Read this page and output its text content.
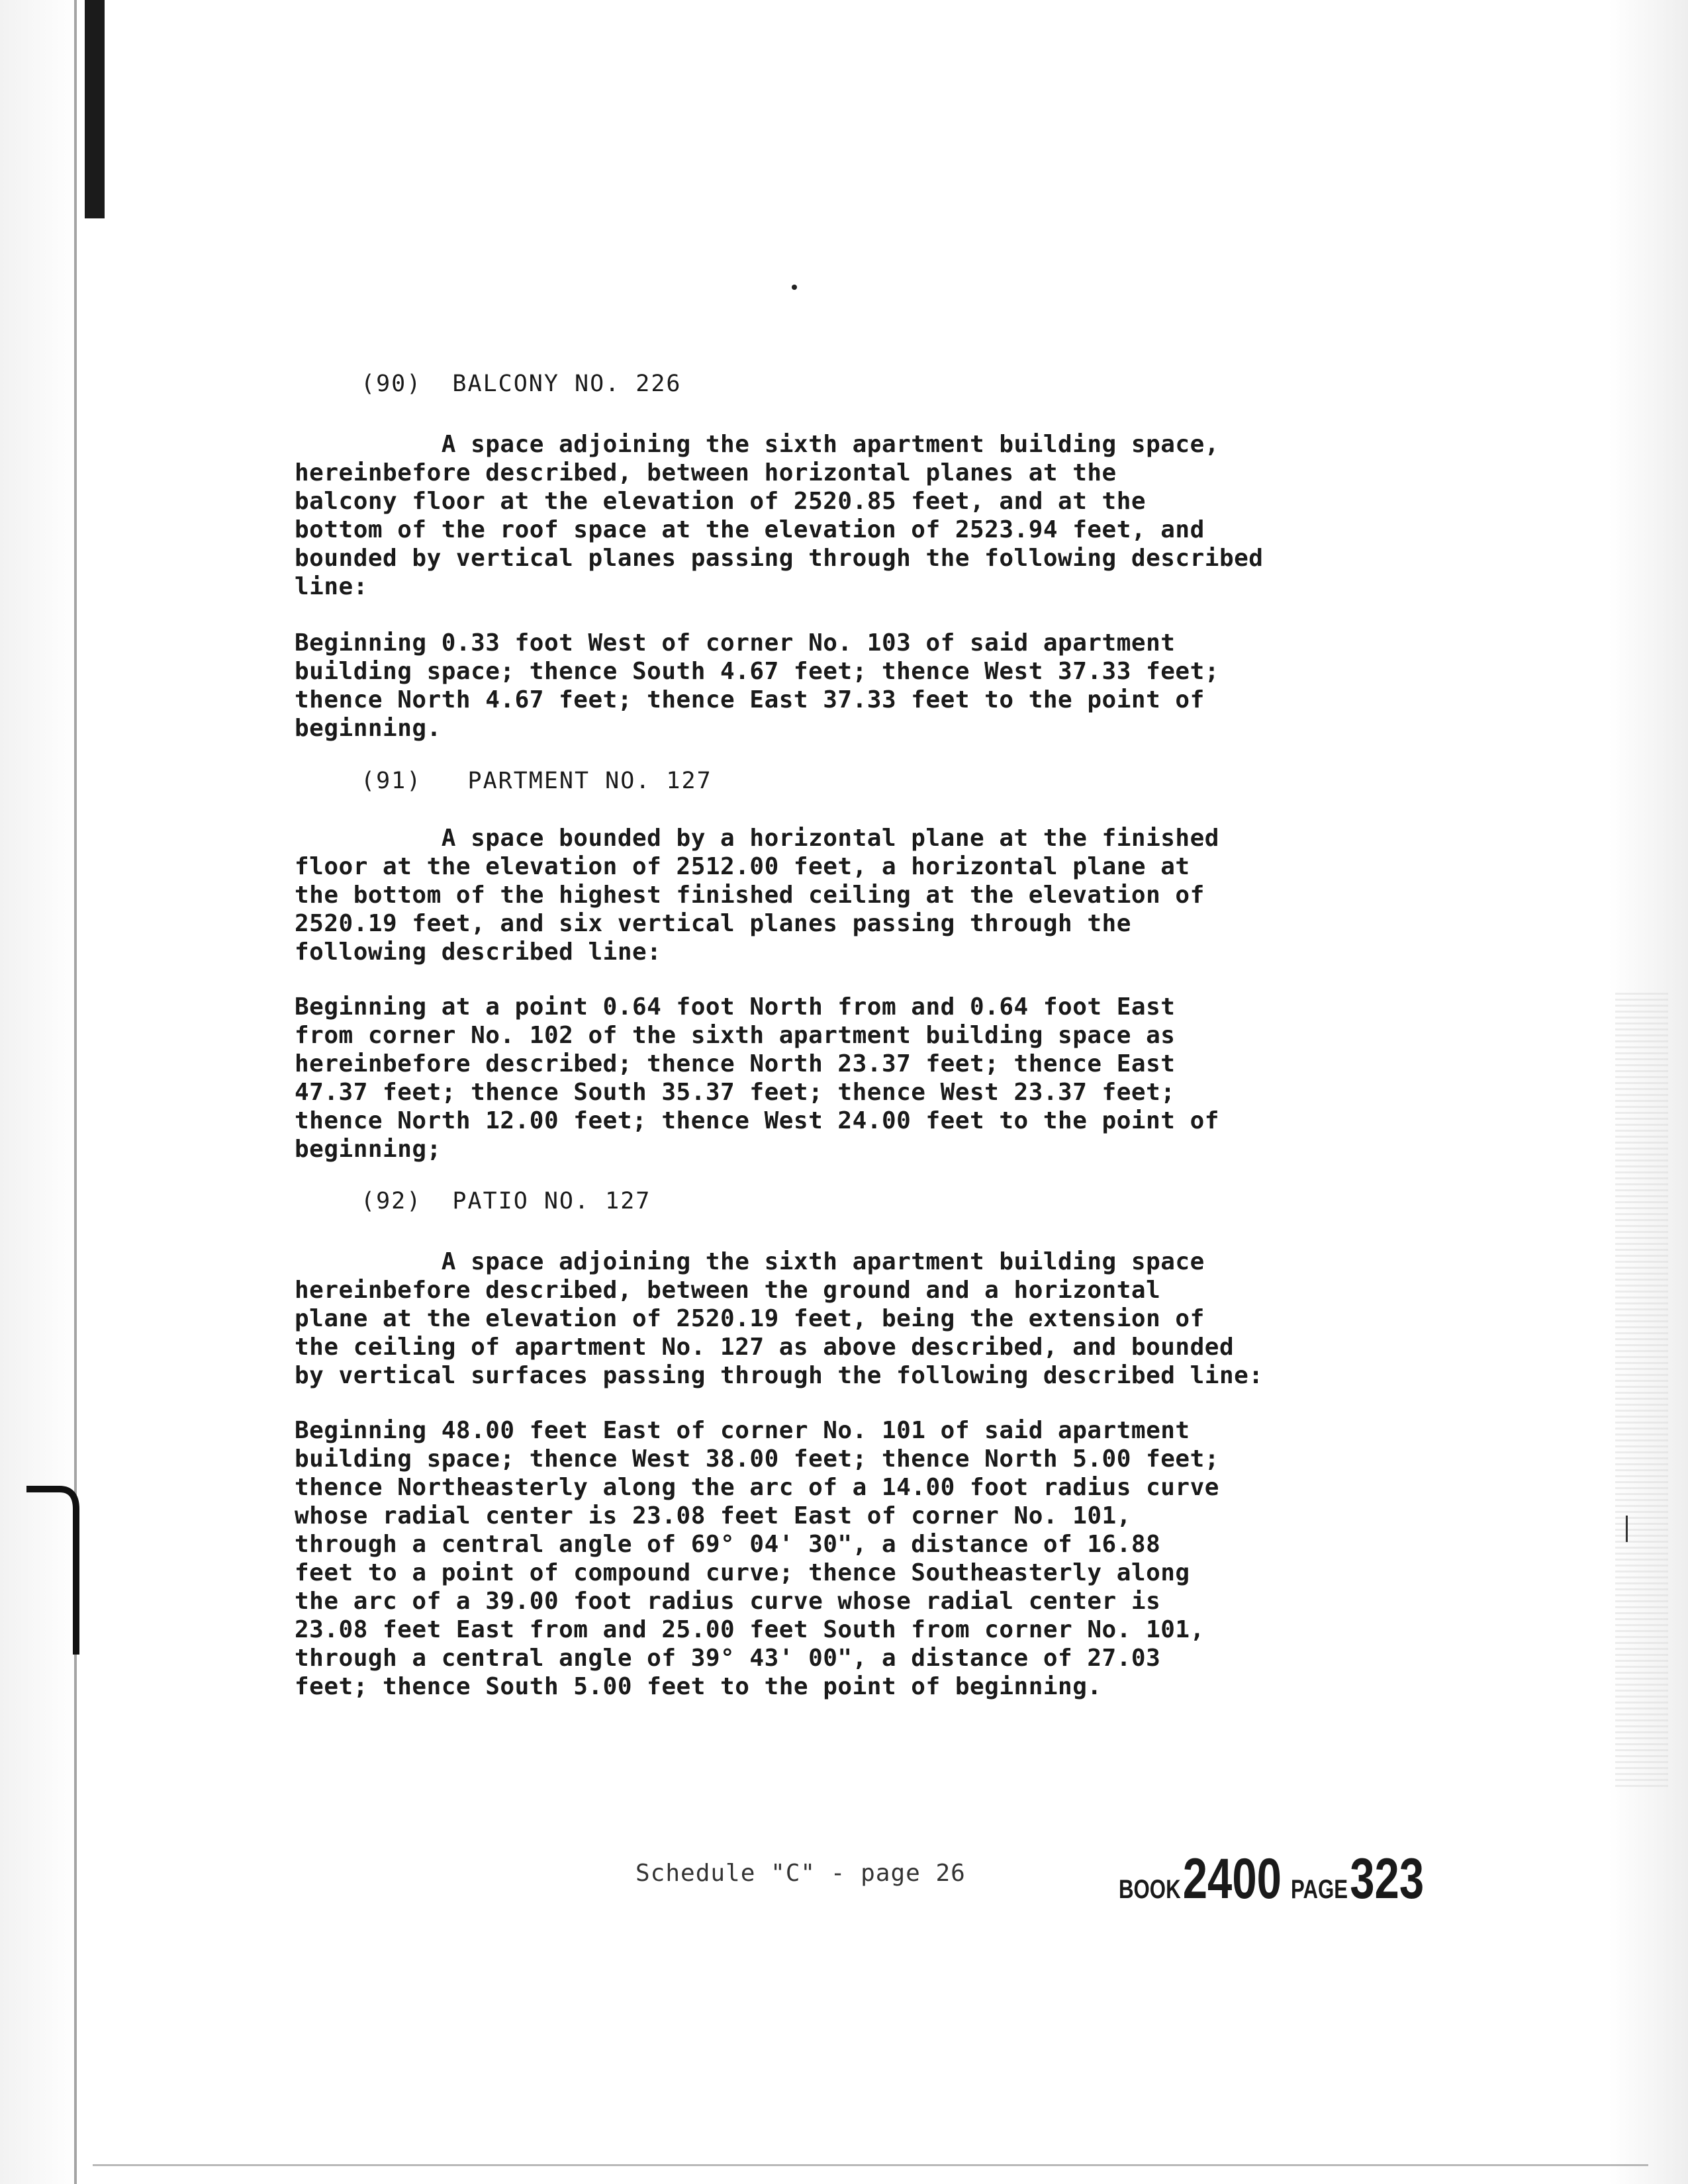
(90)  BALCONY NO. 226
A space adjoining the sixth apartment building space,
hereinbefore described, between horizontal planes at the
balcony floor at the elevation of 2520.85 feet, and at the
bottom of the roof space at the elevation of 2523.94 feet, and
bounded by vertical planes passing through the following described
line:
Beginning 0.33 foot West of corner No. 103 of said apartment
building space; thence South 4.67 feet; thence West 37.33 feet;
thence North 4.67 feet; thence East 37.33 feet to the point of
beginning.
(91)   PARTMENT NO. 127
A space bounded by a horizontal plane at the finished
floor at the elevation of 2512.00 feet, a horizontal plane at
the bottom of the highest finished ceiling at the elevation of
2520.19 feet, and six vertical planes passing through the
following described line:
Beginning at a point 0.64 foot North from and 0.64 foot East
from corner No. 102 of the sixth apartment building space as
hereinbefore described; thence North 23.37 feet; thence East
47.37 feet; thence South 35.37 feet; thence West 23.37 feet;
thence North 12.00 feet; thence West 24.00 feet to the point of
beginning;
(92)  PATIO NO. 127
A space adjoining the sixth apartment building space
hereinbefore described, between the ground and a horizontal
plane at the elevation of 2520.19 feet, being the extension of
the ceiling of apartment No. 127 as above described, and bounded
by vertical surfaces passing through the following described line:
Beginning 48.00 feet East of corner No. 101 of said apartment
building space; thence West 38.00 feet; thence North 5.00 feet;
thence Northeasterly along the arc of a 14.00 foot radius curve
whose radial center is 23.08 feet East of corner No. 101,
through a central angle of 69° 04' 30", a distance of 16.88
feet to a point of compound curve; thence Southeasterly along
the arc of a 39.00 foot radius curve whose radial center is
23.08 feet East from and 25.00 feet South from corner No. 101,
through a central angle of 39° 43' 00", a distance of 27.03
feet; thence South 5.00 feet to the point of beginning.
Schedule "C" - page 26
BOOK 2400 PAGE 323
